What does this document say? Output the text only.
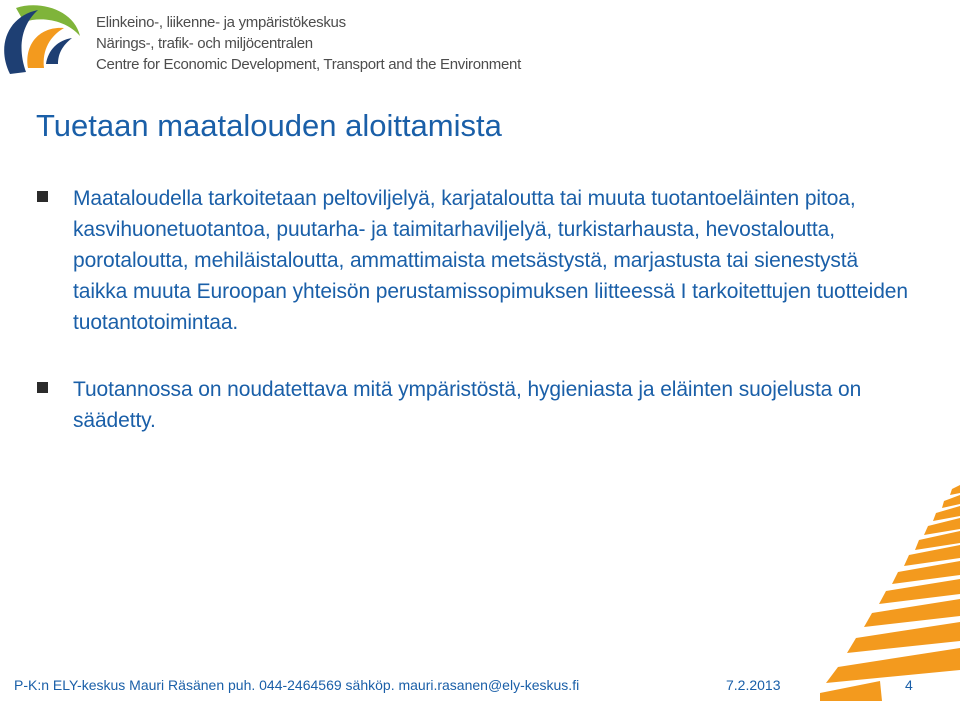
Elinkeino-, liikenne- ja ympäristökeskus
Närings-, trafik- och miljöcentralen
Centre for Economic Development, Transport and the Environment
Tuetaan maatalouden aloittamista
Maataloudella tarkoitetaan peltoviljelyä, karjataloutta tai muuta tuotantoeläinten pitoa, kasvihuonetuotantoa, puutarha- ja taimitarhaviljelyä, turkistarhausta, hevostaloutta, porotaloutta, mehiläistaloutta, ammattimaista metsästystä, marjastusta tai sienestystä taikka muuta Euroopan yhteisön perustamissopimuksen liitteessä I tarkoitettujen tuotteiden tuotantotoimintaa.
Tuotannossa on noudatettava mitä ympäristöstä, hygieniasta ja eläinten suojelusta on säädetty.
P-K:n ELY-keskus Mauri Räsänen puh. 044-2464569 sähköp. mauri.rasanen@ely-keskus.fi	7.2.2013	4
